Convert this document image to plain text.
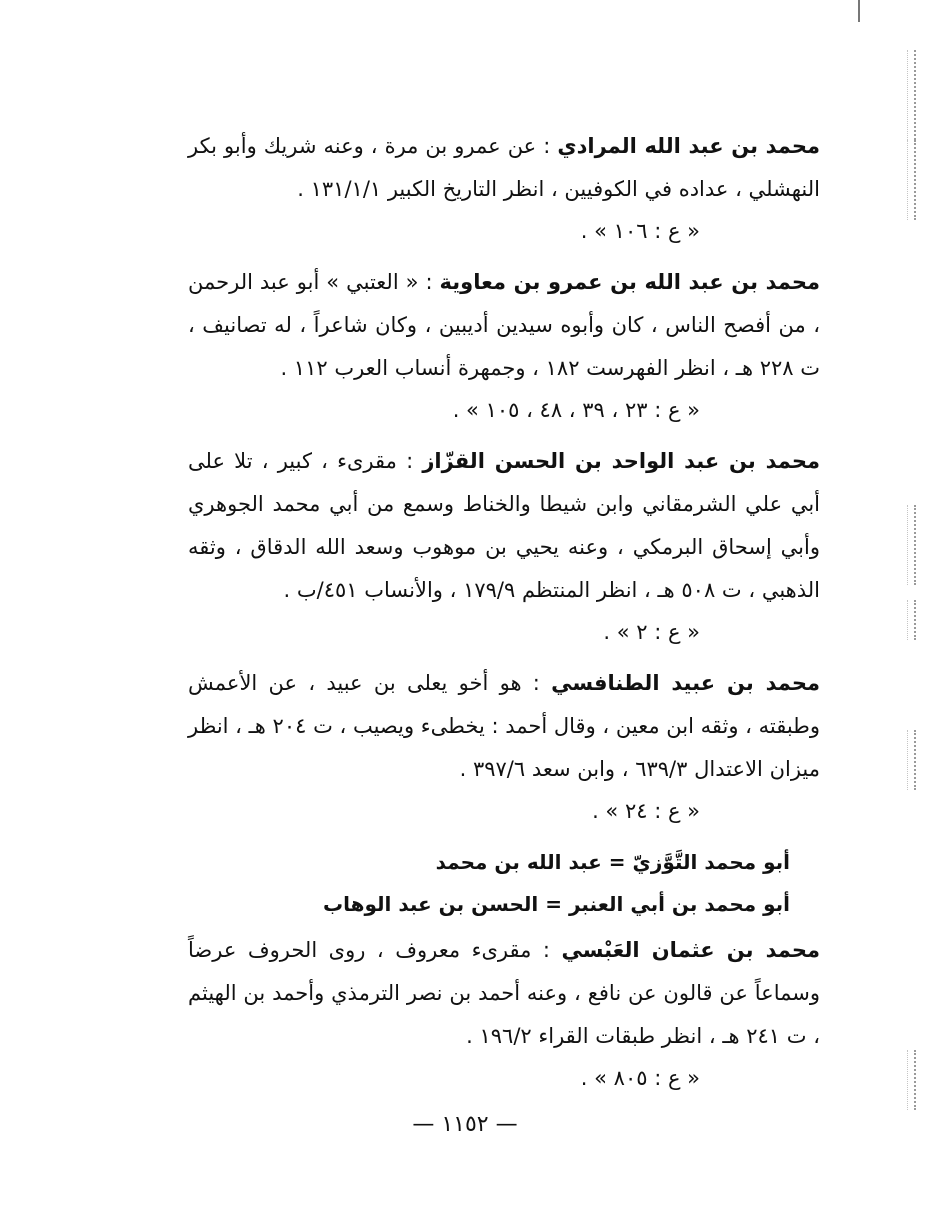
محمد بن عبد الله المرادي : عن عمرو بن مرة ، وعنه شريك وأبو بكر النهشلي ، عداده في الكوفيين ، انظر التاريخ الكبير ١٣١/١/١ .

« ع : ١٠٦ » .

محمد بن عبد الله بن عمرو بن معاوية : « العتبي » أبو عبد الرحمن ، من أفصح الناس ، كان وأبوه سيدين أديبين ، وكان شاعراً ، له تصانيف ، ت ٢٢٨ هـ ، انظر الفهرست ١٨٢ ، وجمهرة أنساب العرب ١١٢ .

« ع : ٢٣ ، ٣٩ ، ٤٨ ، ١٠٥ » .

محمد بن عبد الواحد بن الحسن القزّاز : مقرىء ، كبير ، تلا على أبي علي الشرمقاني وابن شيطا والخناط وسمع من أبي محمد الجوهري وأبي إسحاق البرمكي ، وعنه يحيي بن موهوب وسعد الله الدقاق ، وثقه الذهبي ، ت ٥٠٨ هـ ، انظر المنتظم ١٧٩/٩ ، والأنساب ٤٥١/ب .

« ع : ٢ » .

محمد بن عبيد الطنافسي : هو أخو يعلى بن عبيد ، عن الأعمش وطبقته ، وثقه ابن معين ، وقال أحمد : يخطىء ويصيب ، ت ٢٠٤ هـ ، انظر ميزان الاعتدال ٦٣٩/٣ ، وابن سعد ٣٩٧/٦ .

« ع : ٢٤ » .

أبو محمد التَّوَّزيّ = عبد الله بن محمد

أبو محمد بن أبي العنبر = الحسن بن عبد الوهاب

محمد بن عثمان العَبْسي : مقرىء معروف ، روى الحروف عرضاً وسماعاً عن قالون عن نافع ، وعنه أحمد بن نصر الترمذي وأحمد بن الهيثم ، ت ٢٤١ هـ ، انظر طبقات القراء ١٩٦/٢ .

« ع : ٨٠٥ » .

— ١١٥٢ —
